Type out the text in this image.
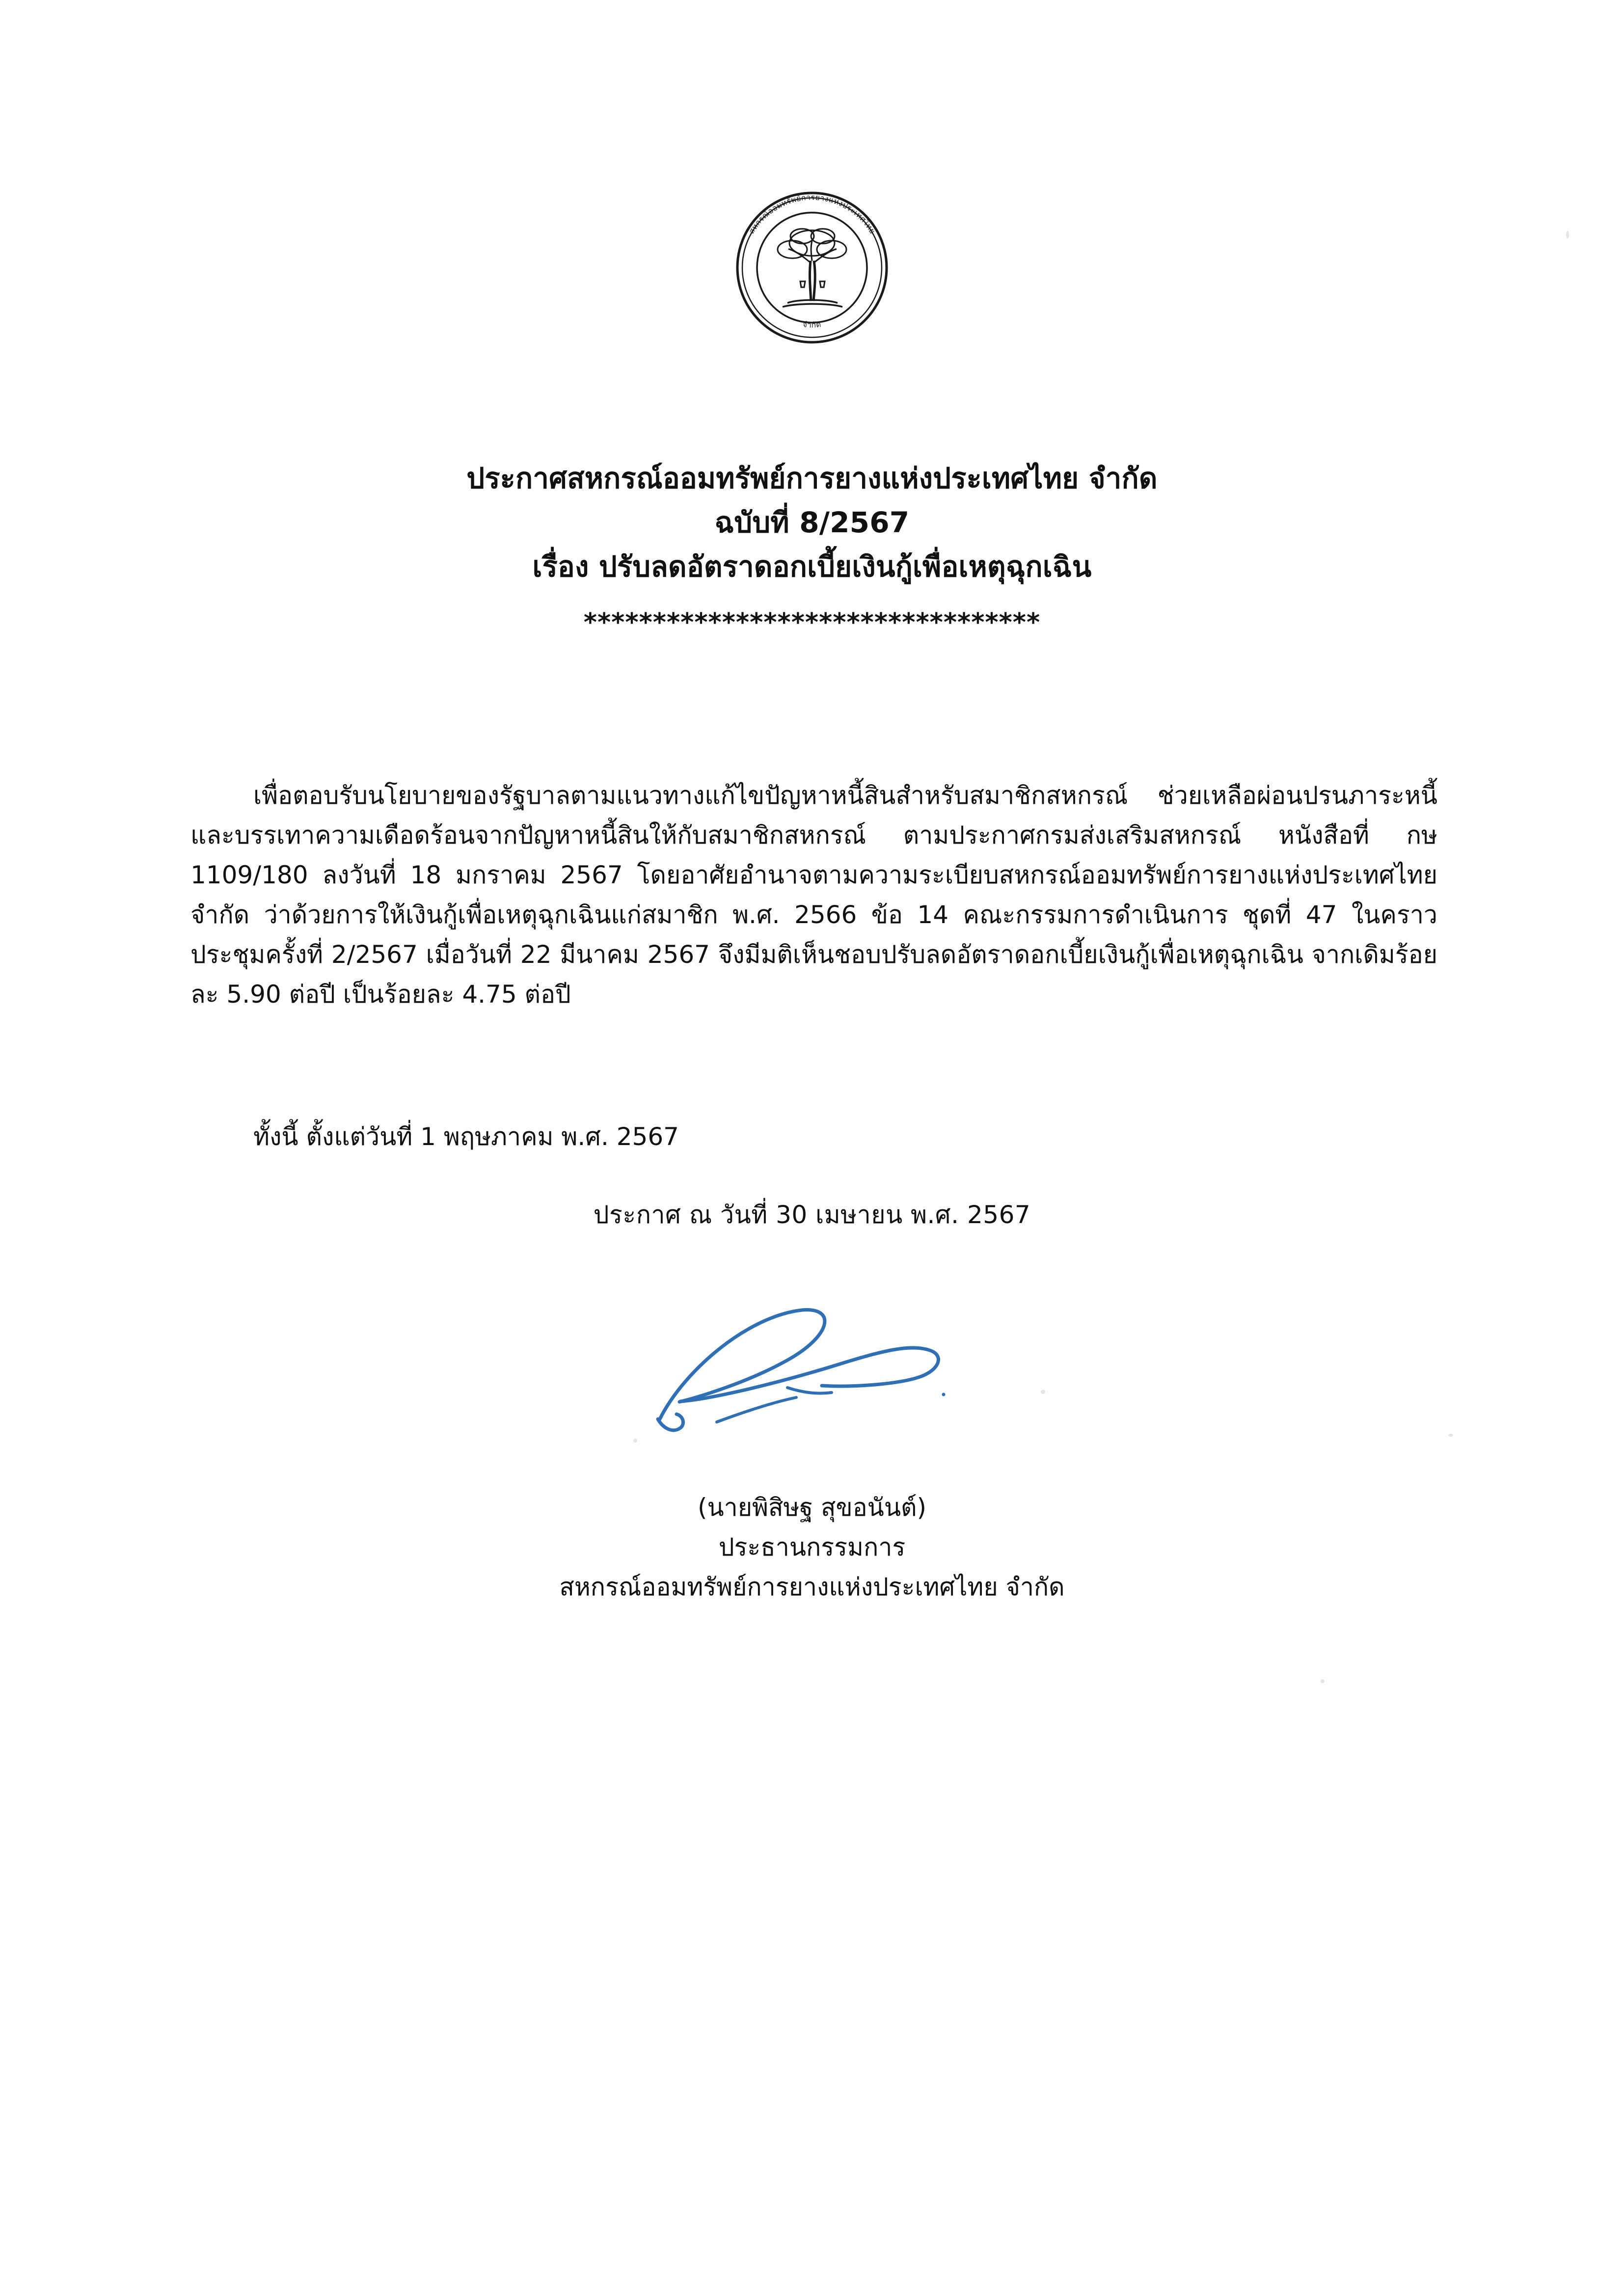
สหกรณ์ออมทรัพย์การยางแห่งประเทศไทย
จำกัด
ประกาศสหกรณ์ออมทรัพย์การยางแห่งประเทศไทย จำกัด
ฉบับที่ 8/2567
เรื่อง ปรับลดอัตราดอกเบี้ยเงินกู้เพื่อเหตุฉุกเฉิน
*********************************

เพื่อตอบรับนโยบายของรัฐบาลตามแนวทางแก้ไขปัญหาหนี้สินสำหรับสมาชิกสหกรณ์ ช่วยเหลือผ่อนปรนภาระหนี้ และบรรเทาความเดือดร้อนจากปัญหาหนี้สินให้กับสมาชิกสหกรณ์ ตามประกาศกรมส่งเสริมสหกรณ์ หนังสือที่ กษ 1109/180 ลงวันที่ 18 มกราคม 2567 โดยอาศัยอำนาจตามความระเบียบสหกรณ์ออมทรัพย์การยางแห่งประเทศไทย จำกัด ว่าด้วยการให้เงินกู้เพื่อเหตุฉุกเฉินแก่สมาชิก พ.ศ. 2566 ข้อ 14 คณะกรรมการดำเนินการ ชุดที่ 47 ในคราวประชุมครั้งที่ 2/2567 เมื่อวันที่ 22 มีนาคม 2567 จึงมีมติเห็นชอบปรับลดอัตราดอกเบี้ยเงินกู้เพื่อเหตุฉุกเฉิน จากเดิมร้อยละ 5.90 ต่อปี เป็นร้อยละ 4.75 ต่อปี

ทั้งนี้ ตั้งแต่วันที่ 1 พฤษภาคม พ.ศ. 2567
ประกาศ ณ วันที่ 30 เมษายน พ.ศ. 2567
(นายพิสิษฐ สุขอนันต์)
ประธานกรรมการ
สหกรณ์ออมทรัพย์การยางแห่งประเทศไทย จำกัด
